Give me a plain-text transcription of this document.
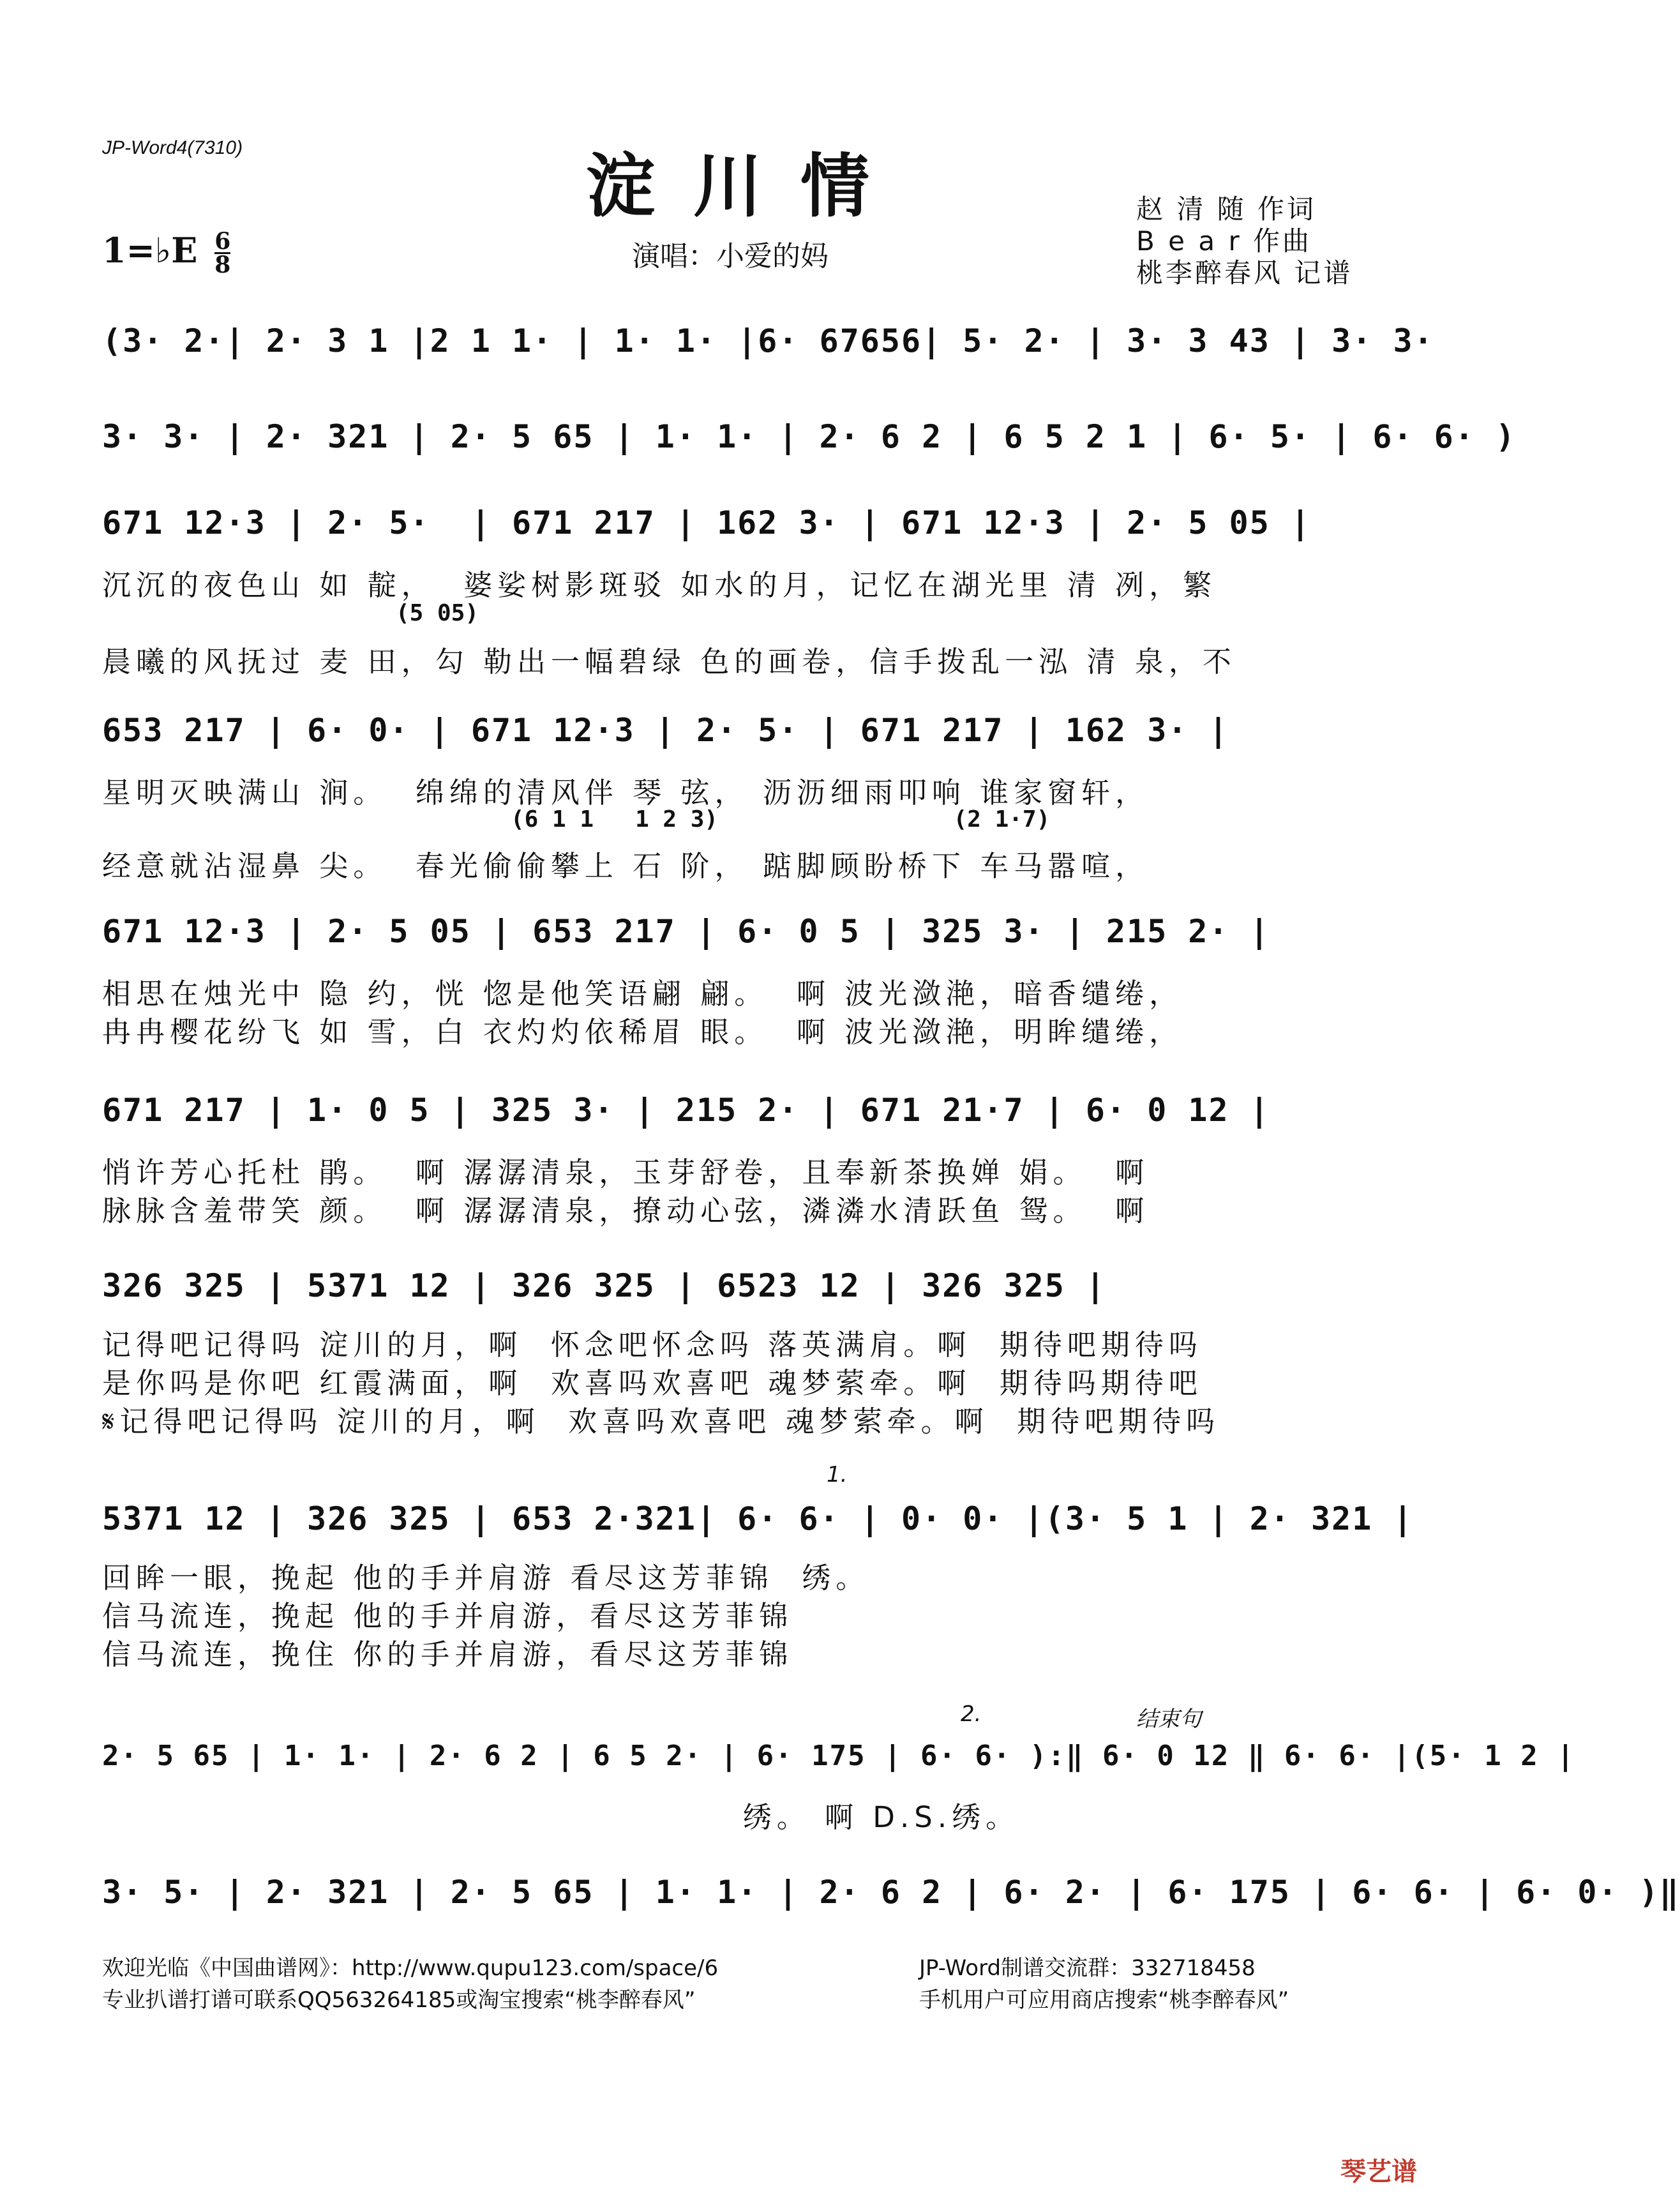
JP-Word4(7310)	淀川情
演唱：小爱的妈
赵 清 随 作词
B e a r 作曲
桃李醉春风 记谱
1=♭E $\frac{6}{8}$
(3· 2·| 2· 3 1 |2 1 1· | 1· 1· |6· 67656| 5· 2· | 3· 3 43 | 3· 3·
3· 3· | 2· 321 | 2· 5 65 | 1· 1· | 2· 6 2 | 6 5 2 1 | 6· 5· | 6· 6· )
671 12·3 | 2· 5·  | 671 217 | 162 3· | 671 12·3 | 2· 5 05 |
沉沉的夜色山 如 靛，  婆娑树影斑驳 如水的月，记忆在湖光里 清 冽，繁
(5 05)
晨曦的风抚过 麦 田，勾 勒出一幅碧绿 色的画卷，信手拨乱一泓 清 泉，不
653 217 | 6· 0· | 671 12·3 | 2· 5· | 671 217 | 162 3· |
星明灭映满山 涧。  绵绵的清风伴 琴 弦， 沥沥细雨叩响 谁家窗轩，
(6 1 1   1 2 3)                 (2 1·7)
经意就沾湿鼻 尖。  春光偷偷攀上 石 阶， 踮脚顾盼桥下 车马嚣喧，
671 12·3 | 2· 5 05 | 653 217 | 6· 0 5 | 325 3· | 215 2· |
相思在烛光中 隐 约，恍 惚是他笑语翩 翩。  啊 波光潋滟，暗香缱绻，
冉冉樱花纷飞 如 雪，白 衣灼灼依稀眉 眼。  啊 波光潋滟，明眸缱绻，
671 217 | 1· 0 5 | 325 3· | 215 2· | 671 21·7 | 6· 0 12 |
悄许芳心托杜 鹃。  啊 潺潺清泉，玉芽舒卷，且奉新茶换婵 娟。  啊
脉脉含羞带笑 颜。  啊 潺潺清泉，撩动心弦，潾潾水清跃鱼 鸳。  啊
326 325 | 5371 12 | 326 325 | 6523 12 | 326 325 |
记得吧记得吗 淀川的月，啊  怀念吧怀念吗 落英满肩。啊  期待吧期待吗
是你吗是你吧 红霞满面，啊  欢喜吗欢喜吧 魂梦萦牵。啊  期待吗期待吧
𝄋记得吧记得吗 淀川的月，啊  欢喜吗欢喜吧 魂梦萦牵。啊  期待吧期待吗
1.
5371 12 | 326 325 | 653 2·321| 6· 6· | 0· 0· |(3· 5 1 | 2· 321 |
回眸一眼，挽起 他的手并肩游 看尽这芳菲锦  绣。
信马流连，挽起 他的手并肩游，看尽这芳菲锦
信马流连，挽住 你的手并肩游，看尽这芳菲锦
2.	结束句
2· 5 65 | 1· 1· | 2· 6 2 | 6 5 2· | 6· 175 | 6· 6· ):‖ 6· 0 12 ‖ 6· 6· |(5· 1 2 |
绣。 啊 D.S.绣。
3· 5· | 2· 321 | 2· 5 65 | 1· 1· | 2· 6 2 | 6· 2· | 6· 175 | 6· 6· | 6· 0· )‖
欢迎光临《中国曲谱网》：http://www.qupu123.com/space/6
专业扒谱打谱可联系QQ563264185或淘宝搜索“桃李醉春风”
JP-Word制谱交流群：332718458
手机用户可应用商店搜索“桃李醉春风”
琴艺谱
